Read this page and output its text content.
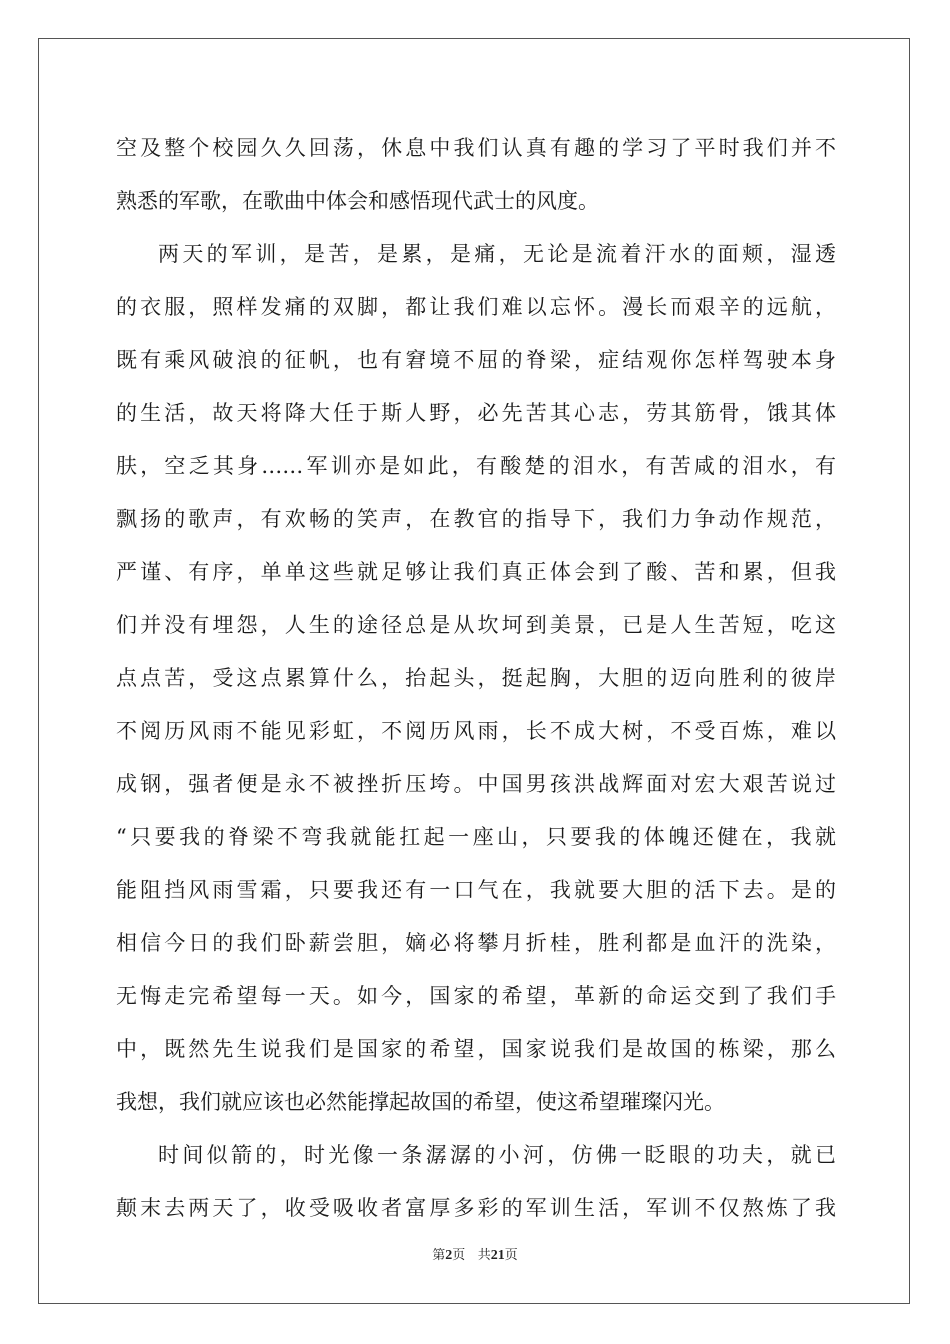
空及整个校园久久回荡，休息中我们认真有趣的学习了平时我们并不
熟悉的军歌，在歌曲中体会和感悟现代武士的风度。
两天的军训，是苦，是累，是痛，无论是流着汗水的面颊，湿透
的衣服，照样发痛的双脚，都让我们难以忘怀。漫长而艰辛的远航，
既有乘风破浪的征帆，也有窘境不屈的脊梁，症结观你怎样驾驶本身
的生活，故天将降大任于斯人野，必先苦其心志，劳其筋骨，饿其体
肤，空乏其身……军训亦是如此，有酸楚的泪水，有苦咸的泪水，有
飘扬的歌声，有欢畅的笑声，在教官的指导下，我们力争动作规范，
严谨、有序，单单这些就足够让我们真正体会到了酸、苦和累，但我
们并没有埋怨，人生的途径总是从坎坷到美景，已是人生苦短，吃这
点点苦，受这点累算什么，抬起头，挺起胸，大胆的迈向胜利的彼岸
不阅历风雨不能见彩虹，不阅历风雨，长不成大树，不受百炼，难以
成钢，强者便是永不被挫折压垮。中国男孩洪战辉面对宏大艰苦说过
“只要我的脊梁不弯我就能扛起一座山，只要我的体魄还健在，我就
能阻挡风雨雪霜，只要我还有一口气在，我就要大胆的活下去。是的
相信今日的我们卧薪尝胆，嫡必将攀月折桂，胜利都是血汗的洗染，
无悔走完希望每一天。如今，国家的希望，革新的命运交到了我们手
中，既然先生说我们是国家的希望，国家说我们是故国的栋梁，那么
我想，我们就应该也必然能撑起故国的希望，使这希望璀璨闪光。
时间似箭的，时光像一条潺潺的小河，仿佛一眨眼的功夫，就已
颠末去两天了，收受吸收者富厚多彩的军训生活，军训不仅熬炼了我
第2页   共21页
